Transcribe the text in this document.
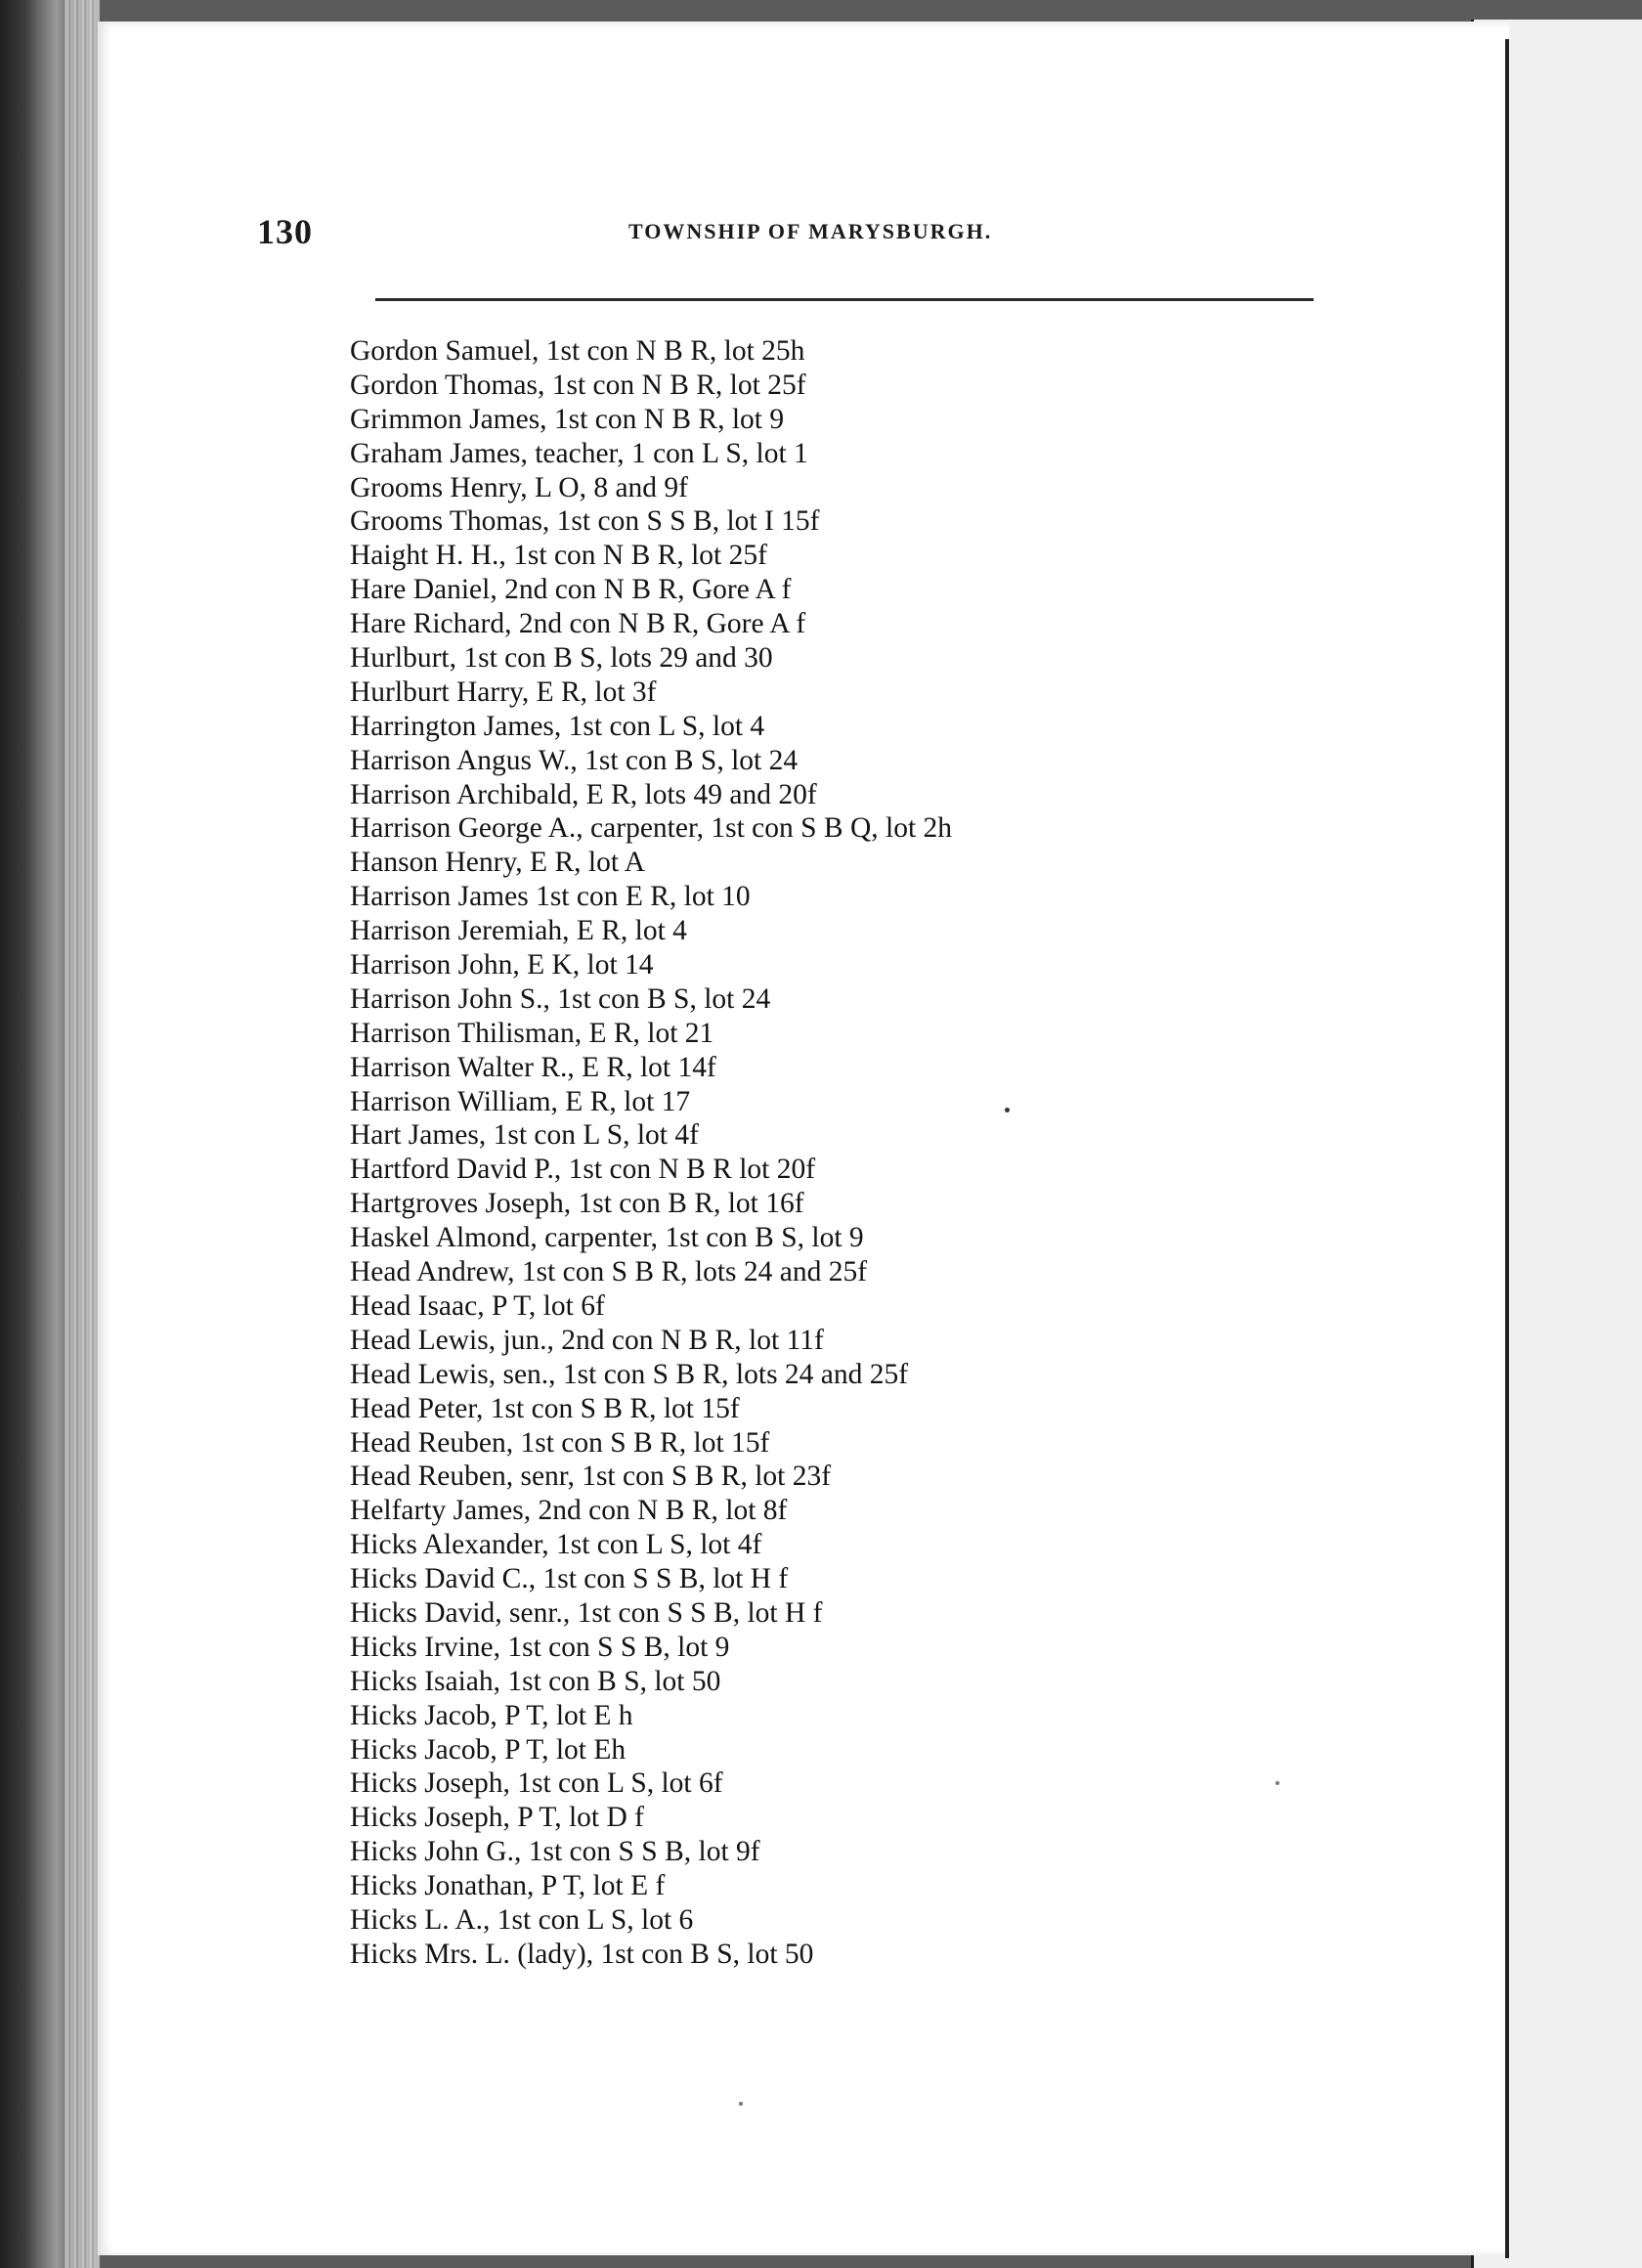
130	TOWNSHIP OF MARYSBURGH.
Gordon Samuel, 1st con N B R, lot 25h
Gordon Thomas, 1st con N B R, lot 25f
Grimmon James, 1st con N B R, lot 9
Graham James, teacher, 1 con L S, lot 1
Grooms Henry, L O, 8 and 9f
Grooms Thomas, 1st con S S B, lot I 15f
Haight H. H., 1st con N B R, lot 25f
Hare Daniel, 2nd con N B R, Gore A f
Hare Richard, 2nd con N B R, Gore A f
Hurlburt, 1st con B S, lots 29 and 30
Hurlburt Harry, E R, lot 3f
Harrington James, 1st con L S, lot 4
Harrison Angus W., 1st con B S, lot 24
Harrison Archibald, E R, lots 49 and 20f
Harrison George A., carpenter, 1st con S B Q, lot 2h
Hanson Henry, E R, lot A
Harrison James 1st con E R, lot 10
Harrison Jeremiah, E R, lot 4
Harrison John, E K, lot 14
Harrison John S., 1st con B S, lot 24
Harrison Thilisman, E R, lot 21
Harrison Walter R., E R, lot 14f
Harrison William, E R, lot 17
Hart James, 1st con L S, lot 4f
Hartford David P., 1st con N B R lot 20f
Hartgroves Joseph, 1st con B R, lot 16f
Haskel Almond, carpenter, 1st con B S, lot 9
Head Andrew, 1st con S B R, lots 24 and 25f
Head Isaac, P T, lot 6f
Head Lewis, jun., 2nd con N B R, lot 11f
Head Lewis, sen., 1st con S B R, lots 24 and 25f
Head Peter, 1st con S B R, lot 15f
Head Reuben, 1st con S B R, lot 15f
Head Reuben, senr, 1st con S B R, lot 23f
Helfarty James, 2nd con N B R, lot 8f
Hicks Alexander, 1st con L S, lot 4f
Hicks David C., 1st con S S B, lot H f
Hicks David, senr., 1st con S S B, lot H f
Hicks Irvine, 1st con S S B, lot 9
Hicks Isaiah, 1st con B S, lot 50
Hicks Jacob, P T, lot E h
Hicks Jacob, P T, lot Eh
Hicks Joseph, 1st con L S, lot 6f
Hicks Joseph, P T, lot D f
Hicks John G., 1st con S S B, lot 9f
Hicks Jonathan, P T, lot E f
Hicks L. A., 1st con L S, lot 6
Hicks Mrs. L. (lady), 1st con B S, lot 50
